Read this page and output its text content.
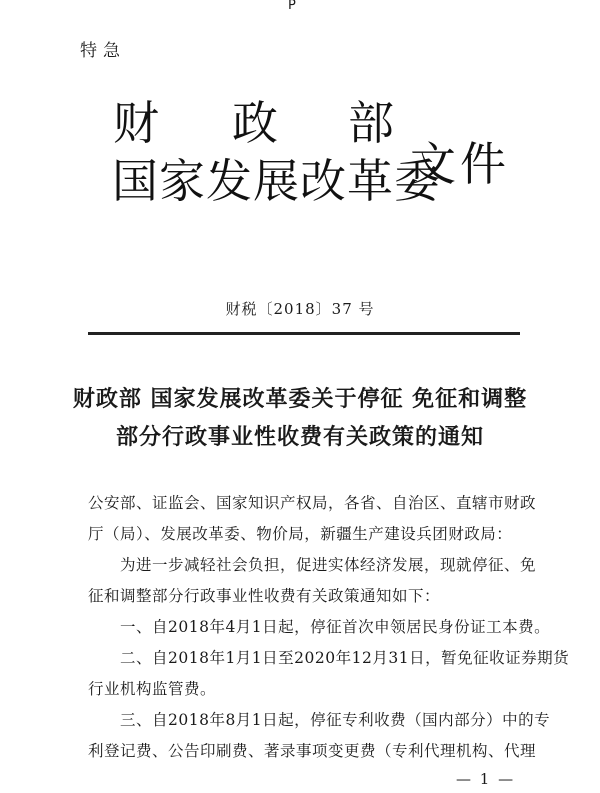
P
特急
财 政 部
国家发展改革委
文件
财税〔2018〕37 号
财政部 国家发展改革委关于停征 免征和调整
部分行政事业性收费有关政策的通知
公安部、证监会、国家知识产权局，各省、自治区、直辖市财政
厅（局）、发展改革委、物价局，新疆生产建设兵团财政局：
为进一步减轻社会负担，促进实体经济发展，现就停征、免
征和调整部分行政事业性收费有关政策通知如下：
一、自2018年4月1日起，停征首次申领居民身份证工本费。
二、自2018年1月1日至2020年12月31日，暂免征收证券期货
行业机构监管费。
三、自2018年8月1日起，停征专利收费（国内部分）中的专
利登记费、公告印刷费、著录事项变更费（专利代理机构、代理
— 1 —
